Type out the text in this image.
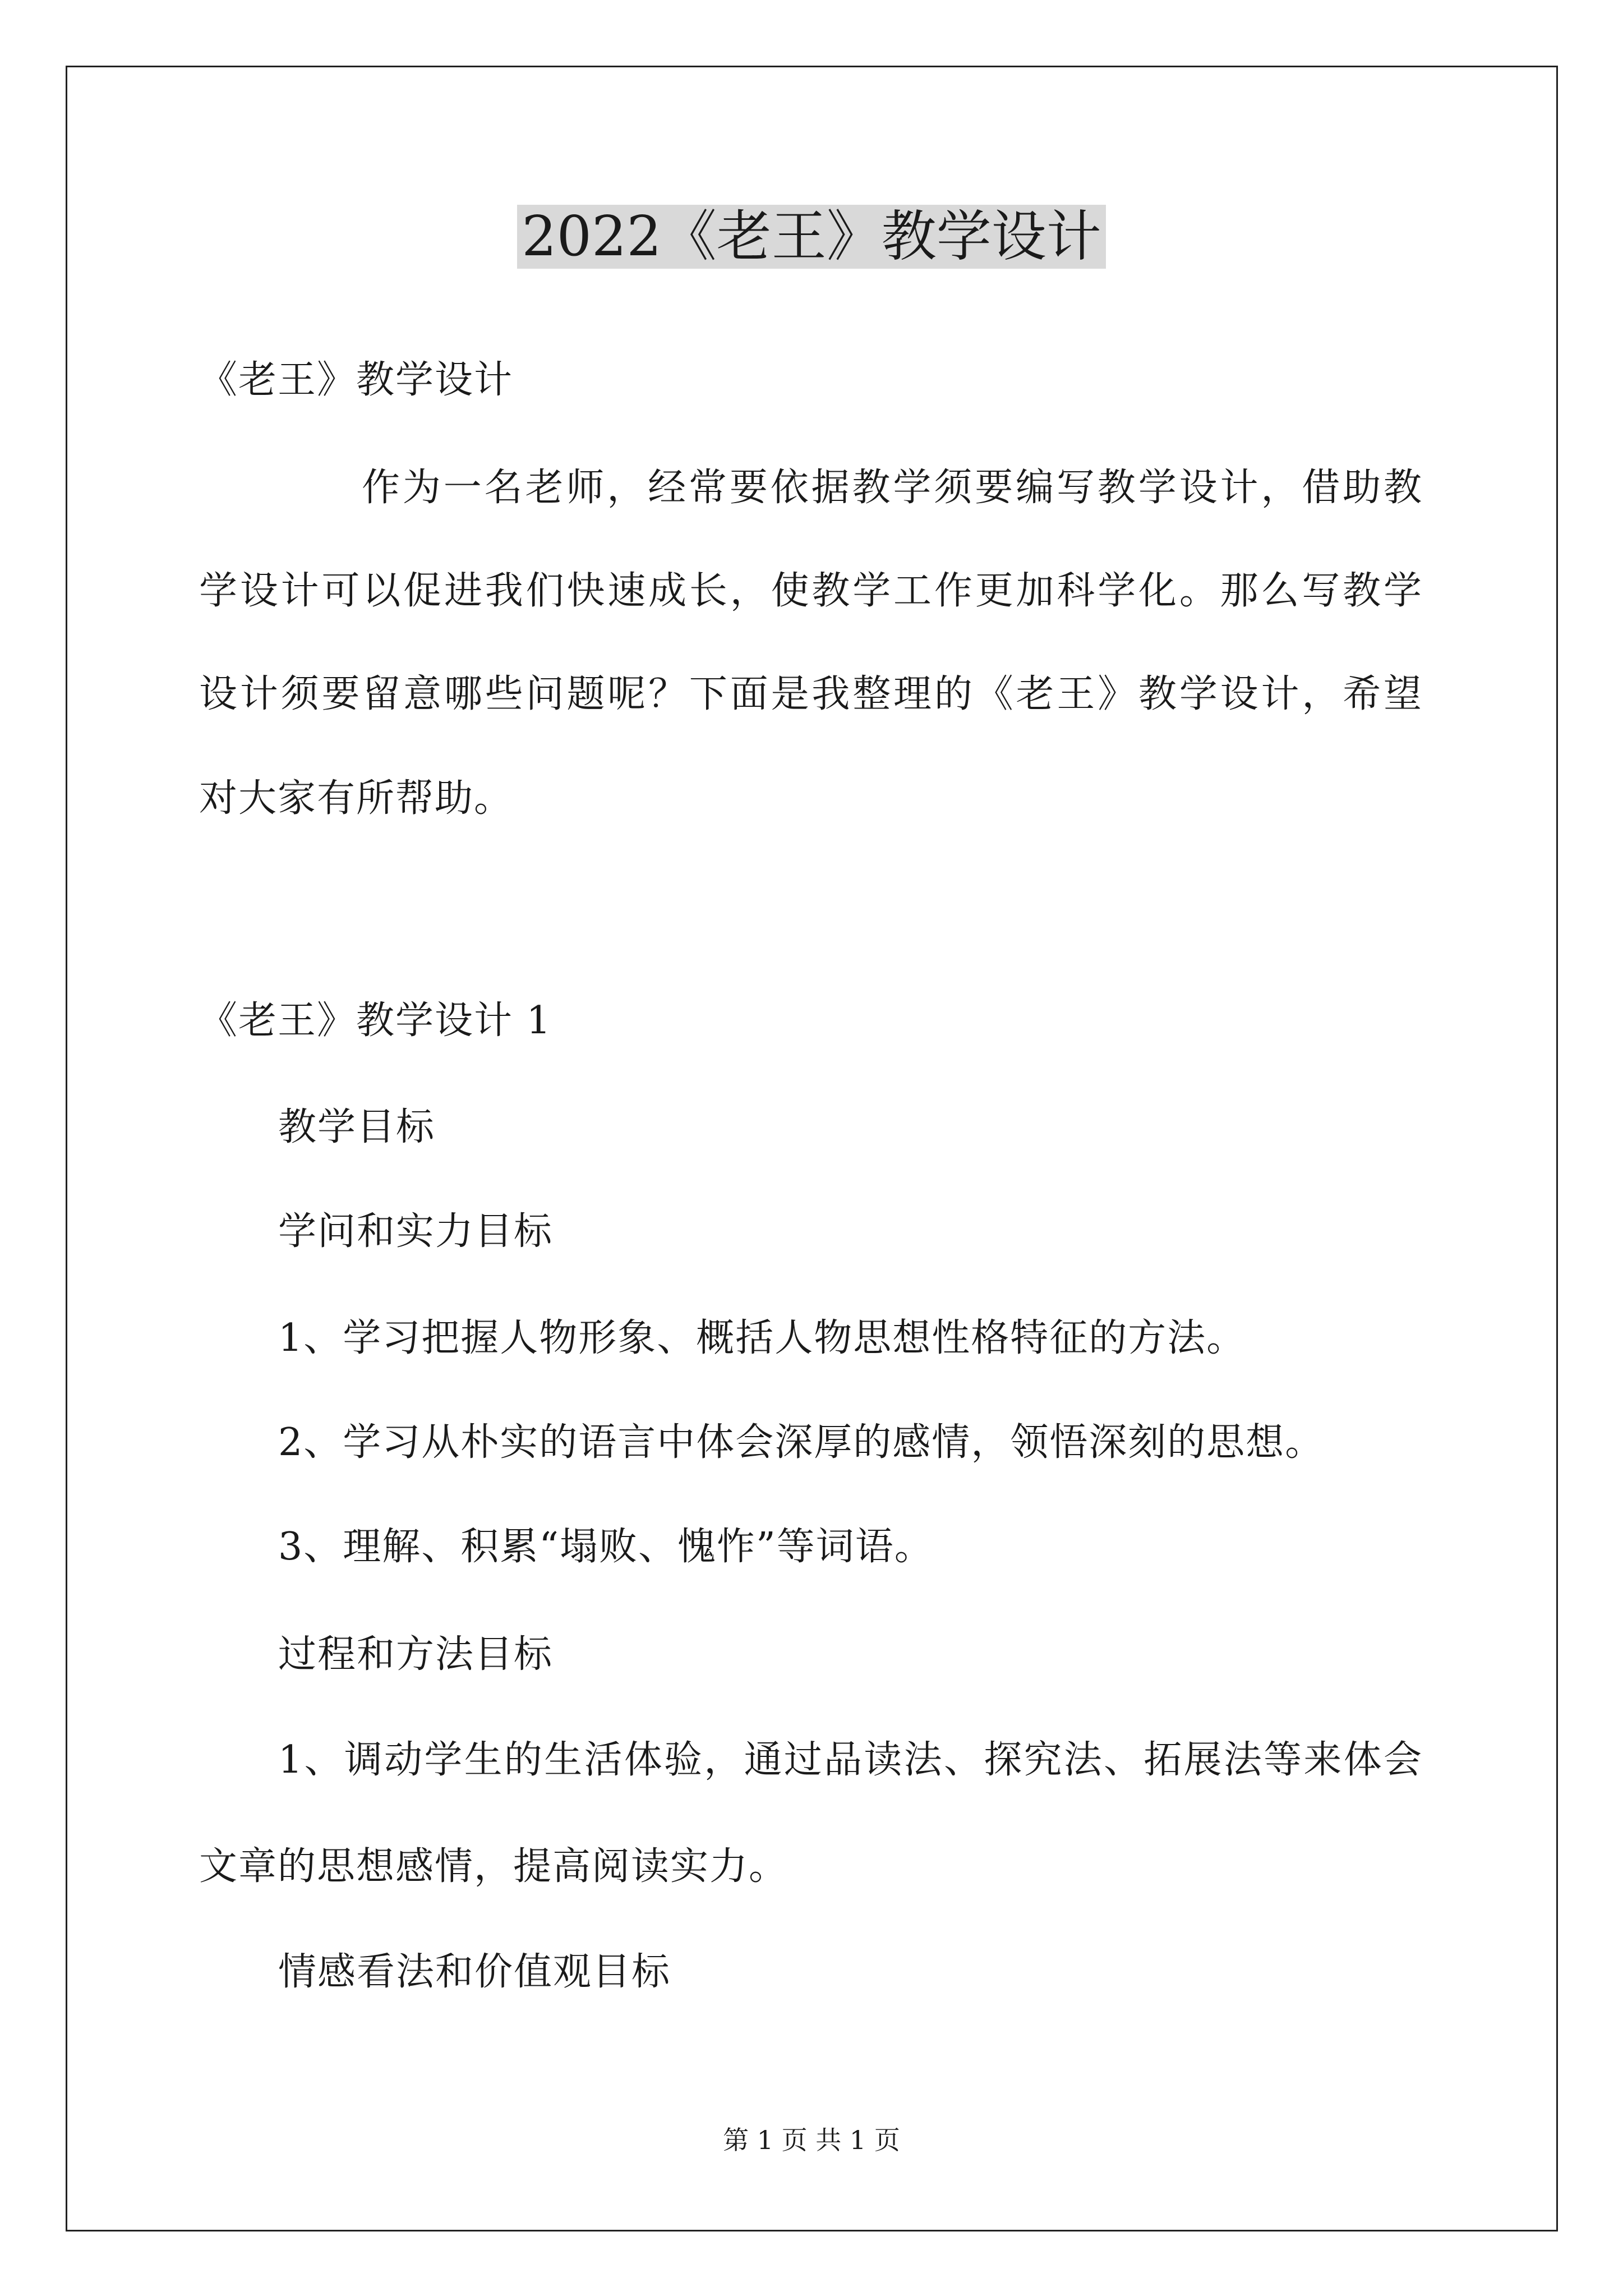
2022《老王》教学设计
《老王》教学设计
作为一名老师，经常要依据教学须要编写教学设计，借助教
学设计可以促进我们快速成长，使教学工作更加科学化。那么写教学
设计须要留意哪些问题呢？下面是我整理的《老王》教学设计，希望
对大家有所帮助。
《老王》教学设计 1
教学目标
学问和实力目标
1、学习把握人物形象、概括人物思想性格特征的方法。
2、学习从朴实的语言中体会深厚的感情，领悟深刻的思想。
3、理解、积累“塌败、愧怍”等词语。
过程和方法目标
1、调动学生的生活体验，通过品读法、探究法、拓展法等来体会
文章的思想感情，提高阅读实力。
情感看法和价值观目标
第 1 页 共 1 页
